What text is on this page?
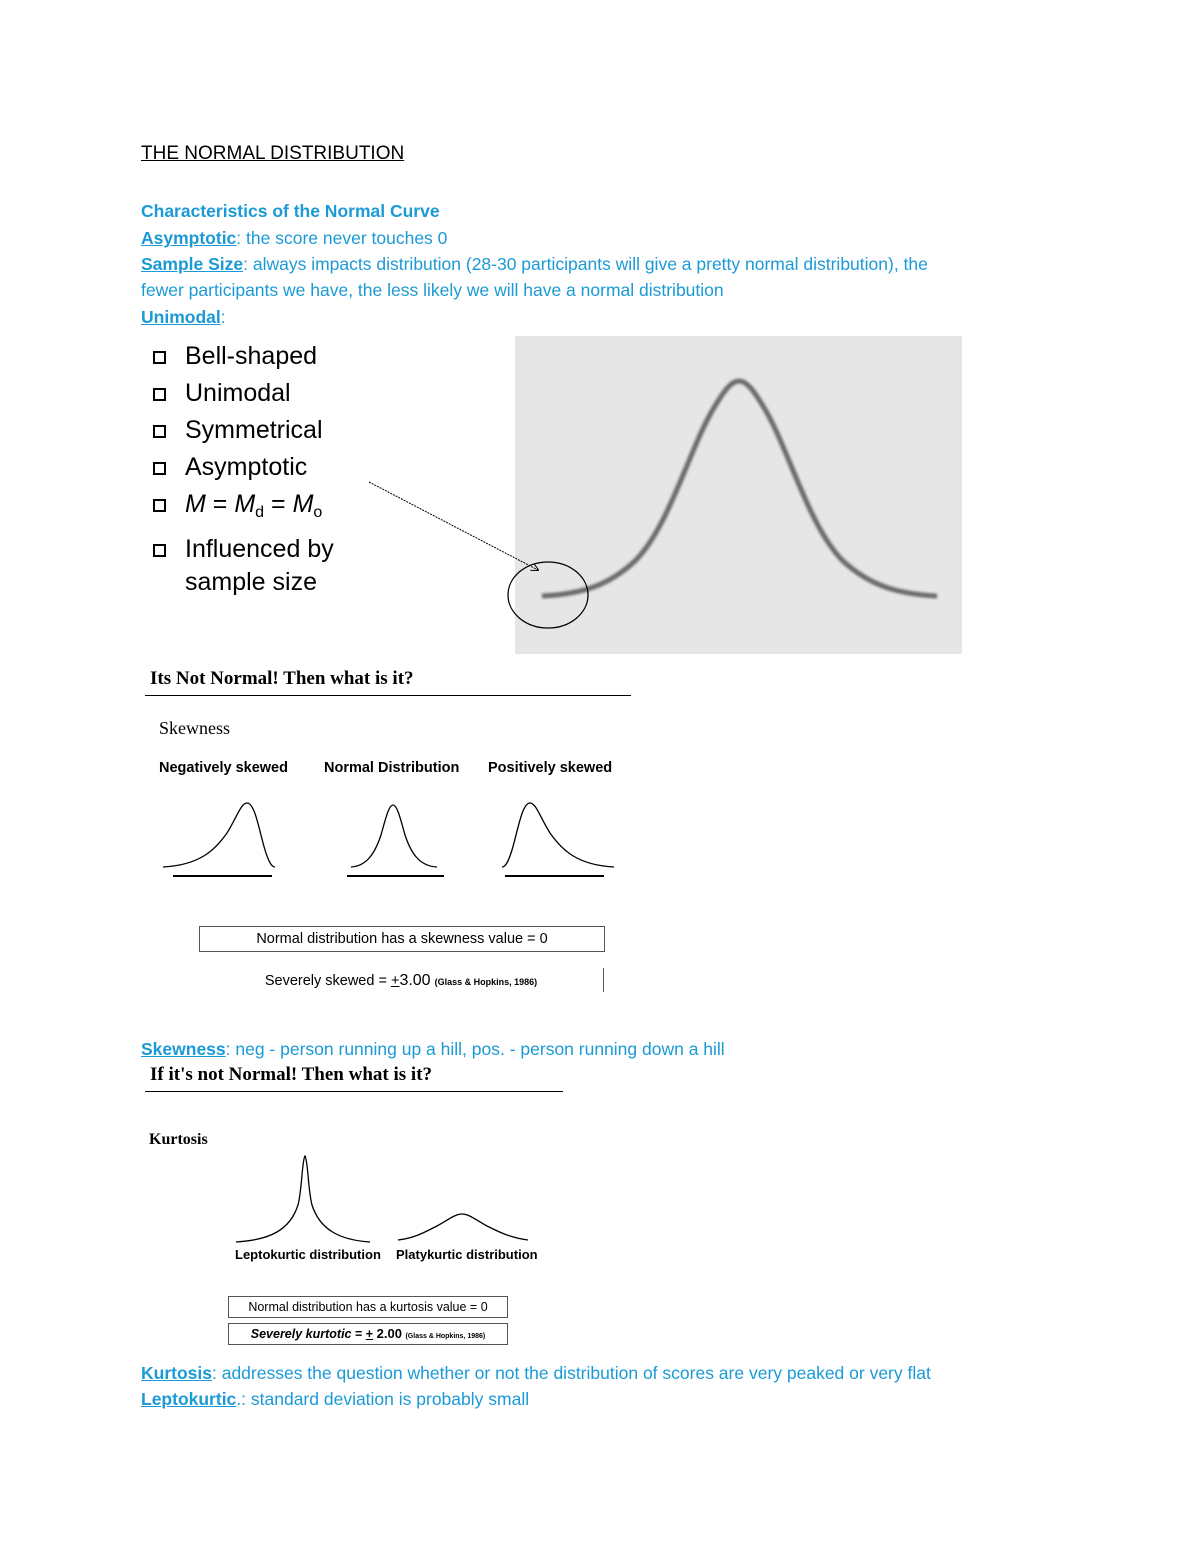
THE NORMAL DISTRIBUTION
Characteristics of the Normal Curve
Asymptotic: the score never touches 0
Sample Size: always impacts distribution (28-30 participants will give a pretty normal distribution), the
fewer participants we have, the less likely we will have a normal distribution
Unimodal:
Bell-shaped
Unimodal
Symmetrical
Asymptotic
$M = M_d = M_o$
Influenced by
sample size
Its Not Normal! Then what is it?
Skewness
Negatively skewed Normal Distribution Positively skewed
Normal distribution has a skewness value = 0
Severely skewed = +3.00 (Glass & Hopkins, 1986)
Skewness: neg - person running up a hill, pos. - person running down a hill
If it's not Normal! Then what is it?
Kurtosis
Leptokurtic distribution Platykurtic distribution
Normal distribution has a kurtosis value = 0
Severely kurtotic = + 2.00 (Glass & Hopkins, 1986)
Kurtosis: addresses the question whether or not the distribution of scores are very peaked or very flat
Leptokurtic.: standard deviation is probably small
